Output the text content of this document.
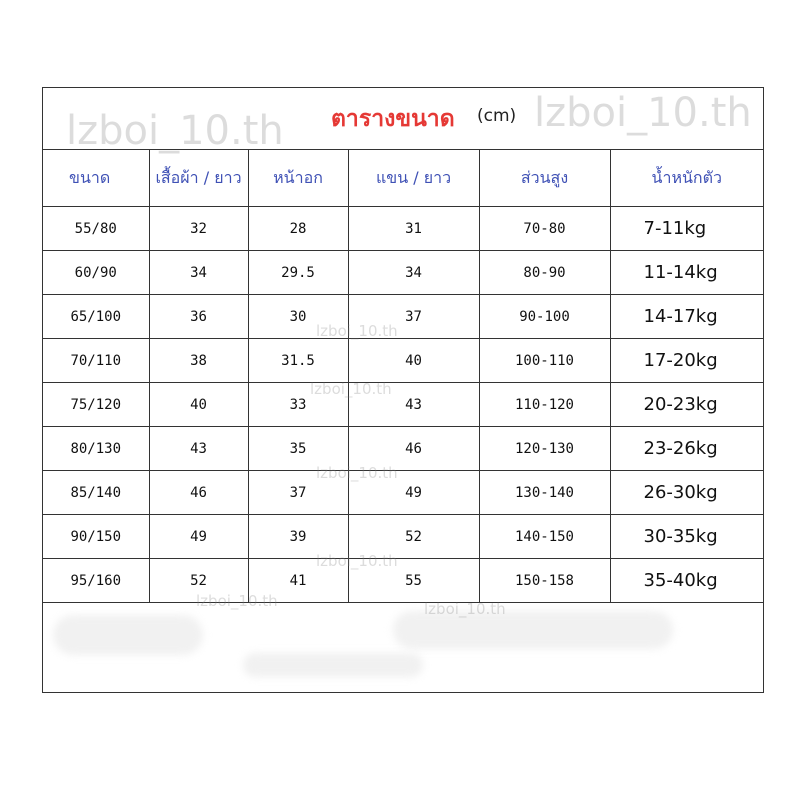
ตารางขนาด (cm)
ขนาด	เสื้อผ้า / ยาว	หน้าอก	แขน / ยาว	ส่วนสูง	น้ำหนักตัว
55/80	32	28	31	70-80	7-11kg
60/90	34	29.5	34	80-90	11-14kg
65/100	36	30	37	90-100	14-17kg
70/110	38	31.5	40	100-110	17-20kg
75/120	40	33	43	110-120	20-23kg
80/130	43	35	46	120-130	23-26kg
85/140	46	37	49	130-140	26-30kg
90/150	49	39	52	140-150	30-35kg
95/160	52	41	55	150-158	35-40kg
lzboi_10.th	lzboi_10.th
lzboi_10.th
lzboi_10.th
lzboi_10.th
lzboi_10.th
lzboi_10.th	lzboi_10.th
